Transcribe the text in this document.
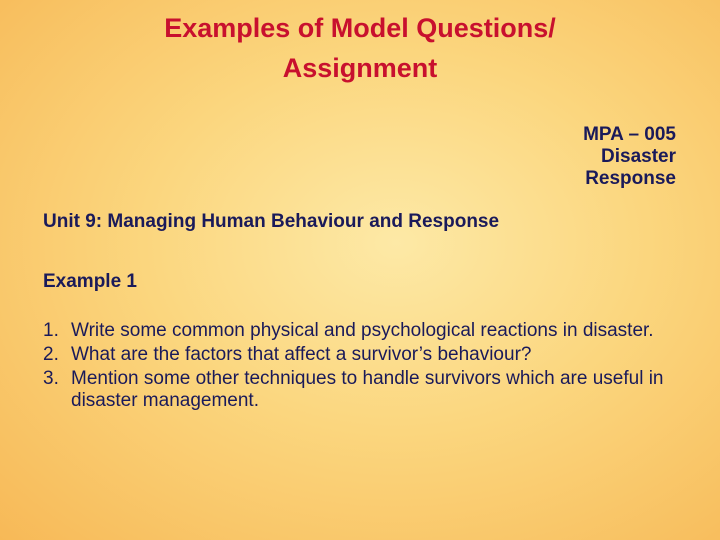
Examples of Model Questions/
Assignment
MPA – 005
Disaster
Response
Unit 9: Managing Human Behaviour and Response
Example 1
1. Write some common physical and psychological reactions in disaster.
2. What are the factors that affect a survivor’s behaviour?
3. Mention some other techniques to handle survivors which are useful in disaster management.
